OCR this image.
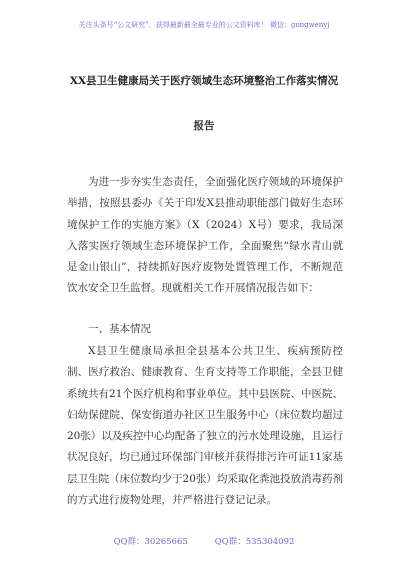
关注头条号“公文研究”，获得最新最全最专业的公文资料库！ 微信：gongwenyj
XX县卫生健康局关于医疗领域生态环境整治工作落实情况
报告

为进一步夯实生态责任，全面强化医疗领域的环境保护举措，按照县委办《关于印发X县推动职能部门做好生态环境保护工作的实施方案》（X（2024）X号）要求，我局深入落实医疗领域生态环境保护工作，全面聚焦“绿水青山就是金山银山”，持续抓好医疗废物处置管理工作，不断规范饮水安全卫生监督。现就相关工作开展情况报告如下：

一、基本情况

X县卫生健康局承担全县基本公共卫生、疾病预防控制、医疗救治、健康教育、生育支持等工作职能，全县卫健系统共有21个医疗机构和事业单位。其中县医院、中医院、妇幼保健院、保安街道办社区卫生服务中心（床位数均超过20张）以及疾控中心均配备了独立的污水处理设施，且运行状况良好，均已通过环保部门审核并获得排污许可证11家基层卫生院（床位数均少于20张）均采取化粪池投放消毒药剂的方式进行废物处理，并严格进行登记记录。

QQ群：30265665          QQ群：535304092
